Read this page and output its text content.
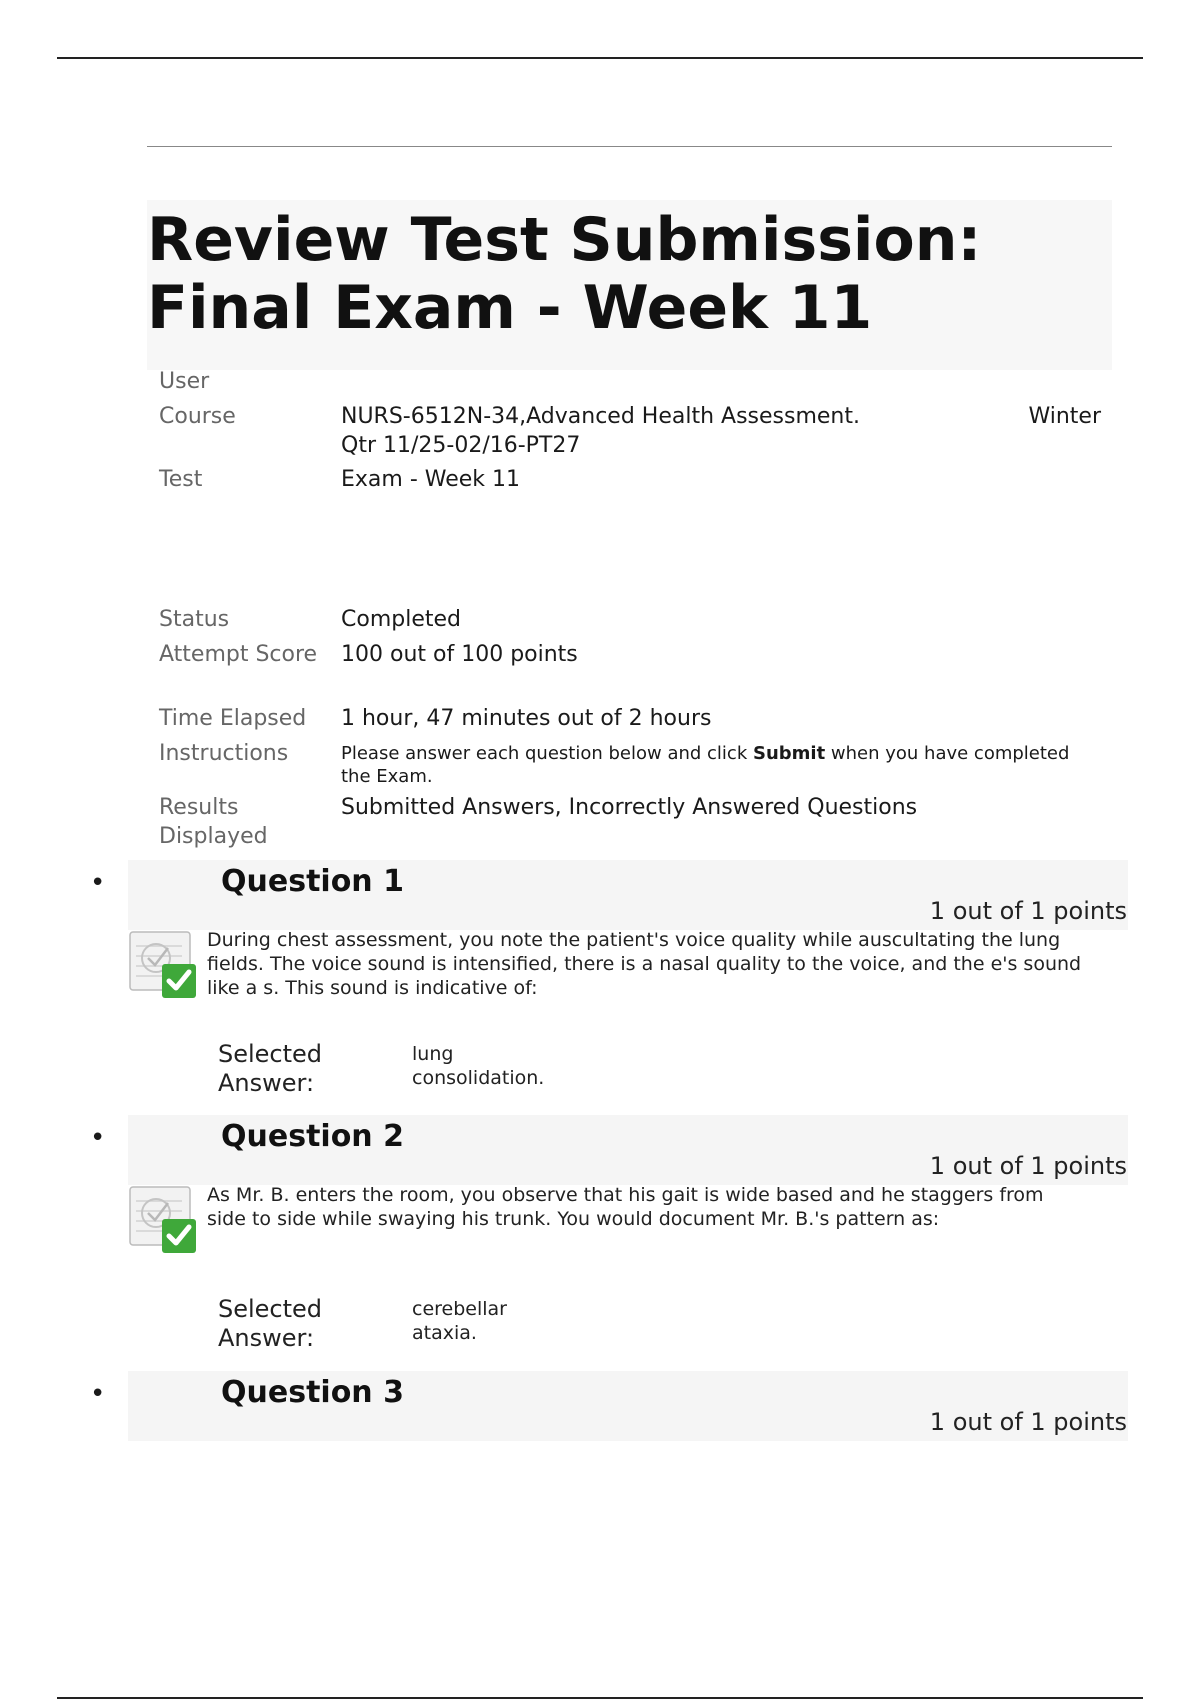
Review Test Submission: Final Exam - Week 11
User
Course	NURS-6512N-34,Advanced Health Assessment.
Qtr 11/25-02/16-PT27
Winter
Test	Exam - Week 11
Status	Completed
Attempt Score	100 out of 100 points
Time Elapsed	1 hour, 47 minutes out of 2 hours
Instructions	Please answer each question below and click Submit when you have completed the Exam.
Results Displayed
Submitted Answers, Incorrectly Answered Questions
•	Question 1
1 out of 1 points
During chest assessment, you note the patient's voice quality while auscultating the lung fields. The voice sound is intensified, there is a nasal quality to the voice, and the e's sound like a s. This sound is indicative of:
Selected Answer:
lung consolidation.
•	Question 2
1 out of 1 points
As Mr. B. enters the room, you observe that his gait is wide based and he staggers from side to side while swaying his trunk. You would document Mr. B.'s pattern as:
Selected Answer:
cerebellar ataxia.
•	Question 3
1 out of 1 points
